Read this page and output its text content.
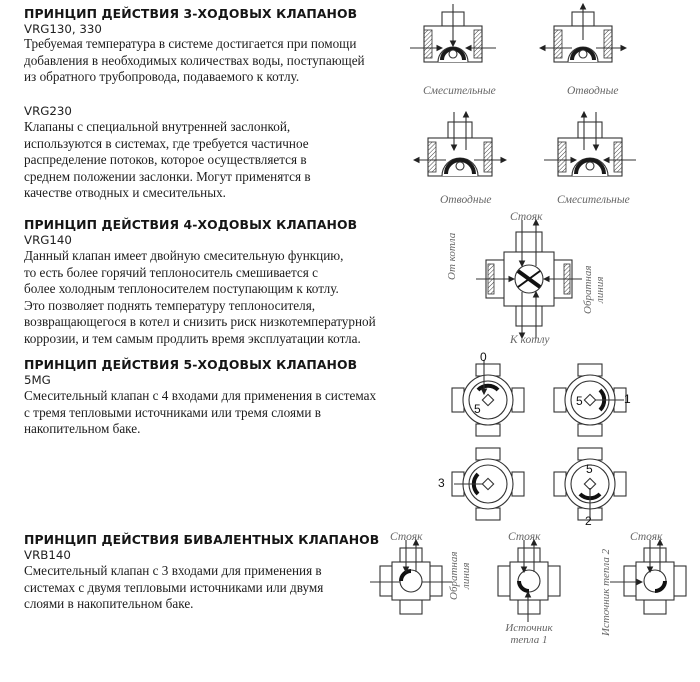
ПРИНЦИП ДЕЙСТВИЯ 3-ХОДОВЫХ КЛАПАНОВ
VRG130, 330
Требуемая температура в системе достигается при помощи
добавления в необходимых количествах воды, поступающей
из обратного трубопровода, подаваемого к котлу.
VRG230
Клапаны с специальной внутренней заслонкой,
используются в системах, где требуется частичное
распределение потоков, которое осуществляется в
среднем положении заслонки. Могут применятся в
качестве отводных и смесительных.
Смесительные	Отводные
Отводные	Смесительные
ПРИНЦИП ДЕЙСТВИЯ 4-ХОДОВЫХ КЛАПАНОВ
VRG140
Данный клапан имеет двойную смесительную функцию,
то есть более горячий теплоноситель смешивается с
более холодным теплоносителем поступающим к котлу.
Это позволяет поднять температуру теплоносителя,
возвращающегося в котел и снизить риск низкотемпературной
коррозии, и тем самым продлить время эксплуатации котла.
Стояк
От котла
Обратная линия
К котлу
ПРИНЦИП ДЕЙСТВИЯ 5-ХОДОВЫХ КЛАПАНОВ
5MG
Смесительный клапан с 4 входами для применения в системах
с тремя тепловыми источниками или тремя слоями в
накопительном баке.
0
5
1
5
3
2
5
ПРИНЦИП ДЕЙСТВИЯ БИВАЛЕНТНЫХ КЛАПАНОВ
VRB140
Смесительный клапан с 3 входами для применения в
системах с двумя тепловыми источниками или двумя
слоями в накопительном баке.
Стояк
Обратная линия
Стояк
Источник
тепла 1
Стояк
Источник тепла 2
